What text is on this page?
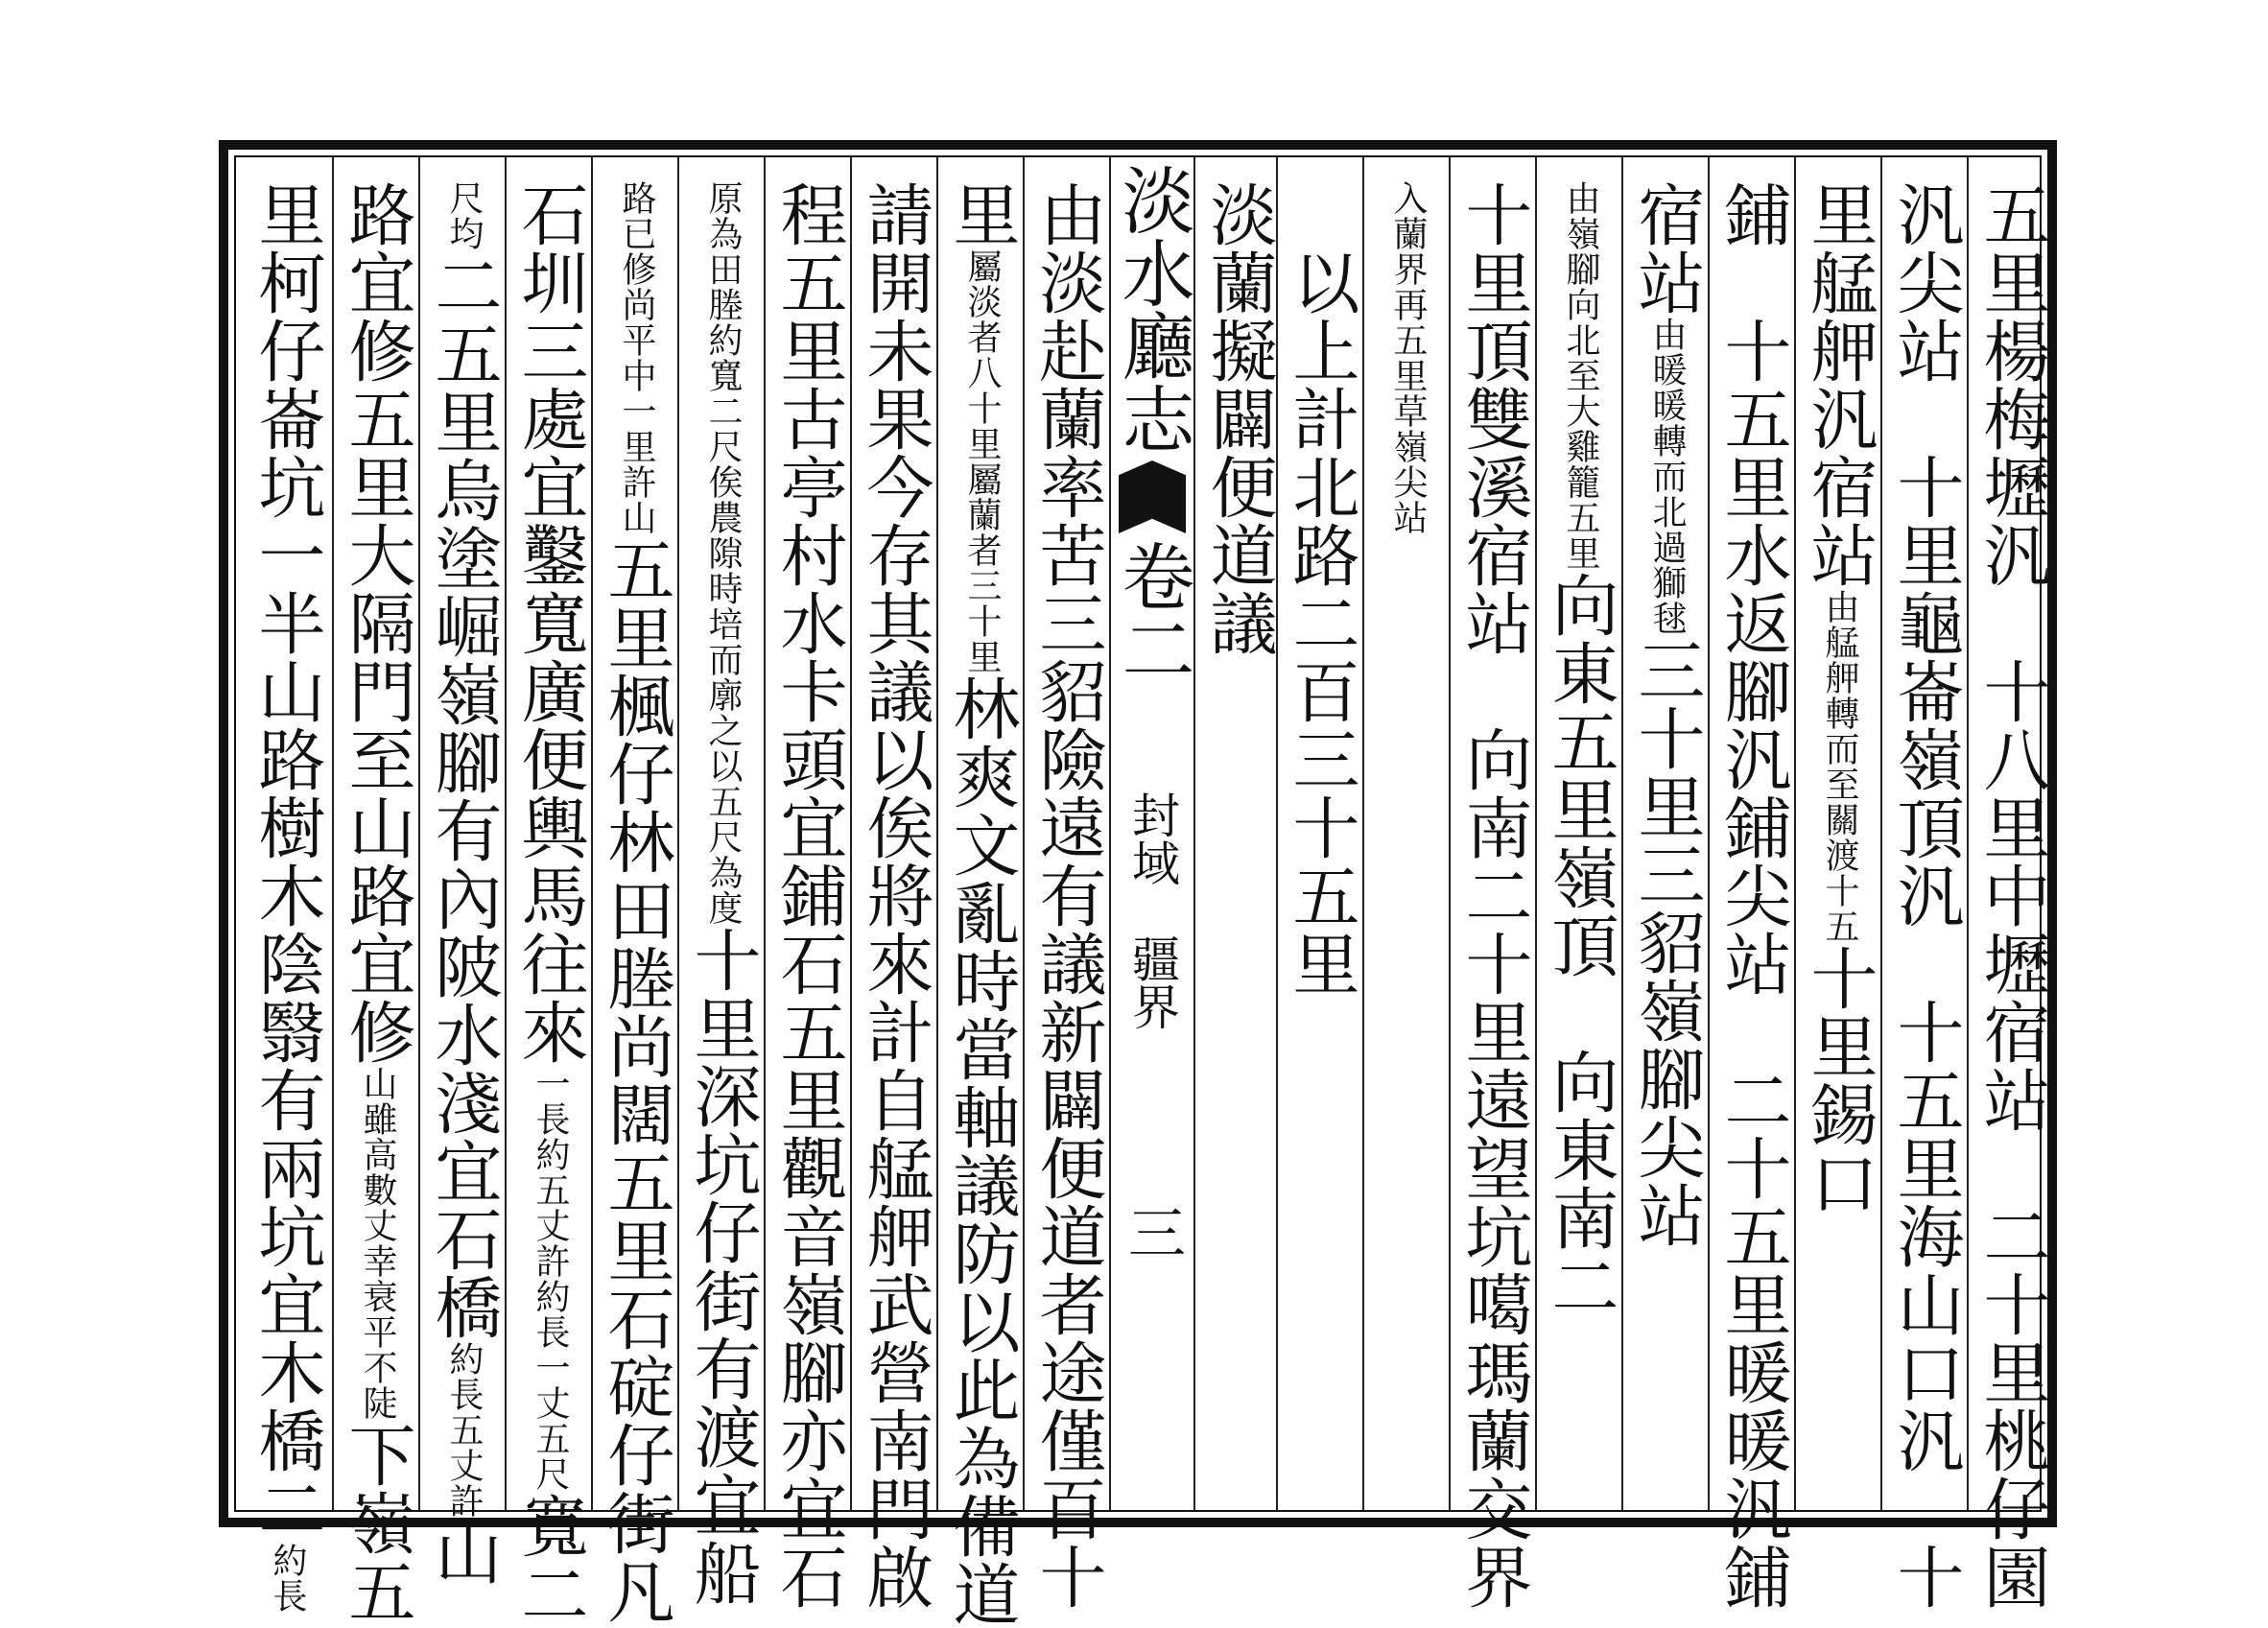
五里楊梅壢汎　十八里中壢宿站　二十里桃仔園
汎尖站　十里龜崙嶺頂汎　十五里海山口汎　十
里艋舺汎宿站由艋舺轉而至關渡十五十里錫口
鋪　十五里水返腳汎鋪尖站　二十五里暖暖汎鋪
宿站由暖暖轉而北過獅毬三十里三貂嶺腳尖站
由嶺腳向北至大雞籠五里向東五里嶺頂　向東南二
十里頂雙溪宿站　向南二十里遠望坑噶瑪蘭交界
入蘭界再五里草嶺尖站
　以上計北路二百三十五里
淡蘭擬闢便道議
淡水廳志卷二封域　疆界三
由淡赴蘭率苦三貂險遠有議新闢便道者途僅百十
里屬淡者八十里屬蘭者三十里林爽文亂時當軸議防以此為備道
請開未果今存其議以俟將來計自艋舺武營南門啟
程五里古亭村水卡頭宜鋪石五里觀音嶺腳亦宜石
原為田塍約寬二尺俟農隙時培而廓之以五尺為度十里深坑仔街有渡宜船
路已修尚平中一里許山五里楓仔林田塍尚闊五里石碇仔街凡
石圳三處宜鑿寬廣便輿馬往來一長約五丈許約長一丈五尺寬二
尺均二五里烏塗崛嶺腳有內陂水淺宜石橋約長五丈許山
路宜修五里大隔門至山路宜修山雖高數丈幸衰平不陡下嶺五
里柯仔崙坑一半山路樹木陰翳有兩坑宜木橋二約長
